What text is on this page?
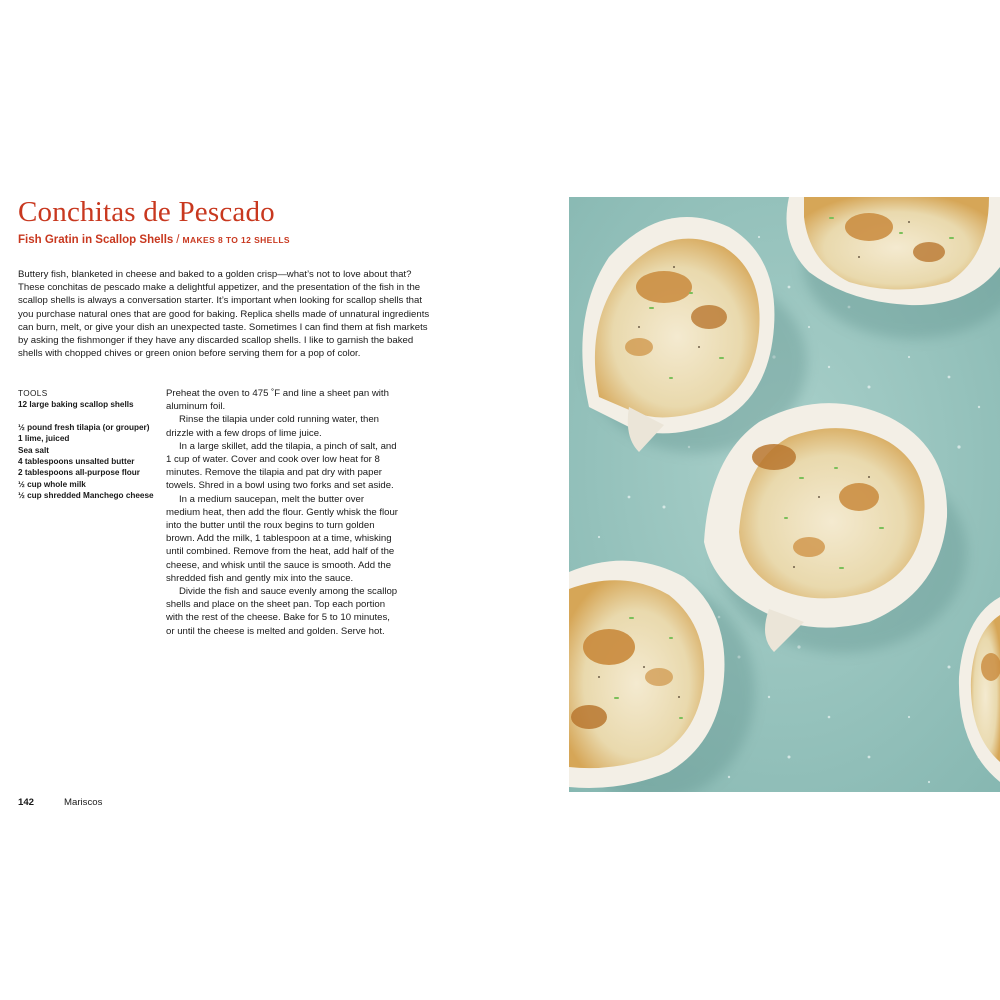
Conchitas de Pescado
Fish Gratin in Scallop Shells / MAKES 8 TO 12 SHELLS

Buttery fish, blanketed in cheese and baked to a golden crisp—what’s not to love about that? These conchitas de pescado make a delightful appetizer, and the presentation of the fish in the scallop shells is always a conversation starter. It’s important when looking for scallop shells that you purchase natural ones that are good for baking. Replica shells made of unnatural ingredients can burn, melt, or give your dish an unexpected taste. Sometimes I can find them at fish markets by asking the fishmonger if they have any discarded scallop shells. I like to garnish the baked shells with chopped chives or green onion before serving them for a pop of color.

TOOLS
12 large baking scallop shells
½ pound fresh tilapia (or grouper)
1 lime, juiced
Sea salt
4 tablespoons unsalted butter
2 tablespoons all-purpose flour
½ cup whole milk
½ cup shredded Manchego cheese

Preheat the oven to 475 ˚F and line a sheet pan with aluminum foil.

Rinse the tilapia under cold running water, then drizzle with a few drops of lime juice.

In a large skillet, add the tilapia, a pinch of salt, and 1 cup of water. Cover and cook over low heat for 8 minutes. Remove the tilapia and pat dry with paper towels. Shred in a bowl using two forks and set aside.

In a medium saucepan, melt the butter over medium heat, then add the flour. Gently whisk the flour into the butter until the roux begins to turn golden brown. Add the milk, 1 tablespoon at a time, whisking until combined. Remove from the heat, add half of the cheese, and whisk until the sauce is smooth. Add the shredded fish and gently mix into the sauce.

Divide the fish and sauce evenly among the scallop shells and place on the sheet pan. Top each portion with the rest of the cheese. Bake for 5 to 10 minutes, or until the cheese is melted and golden. Serve hot.

142	Mariscos
